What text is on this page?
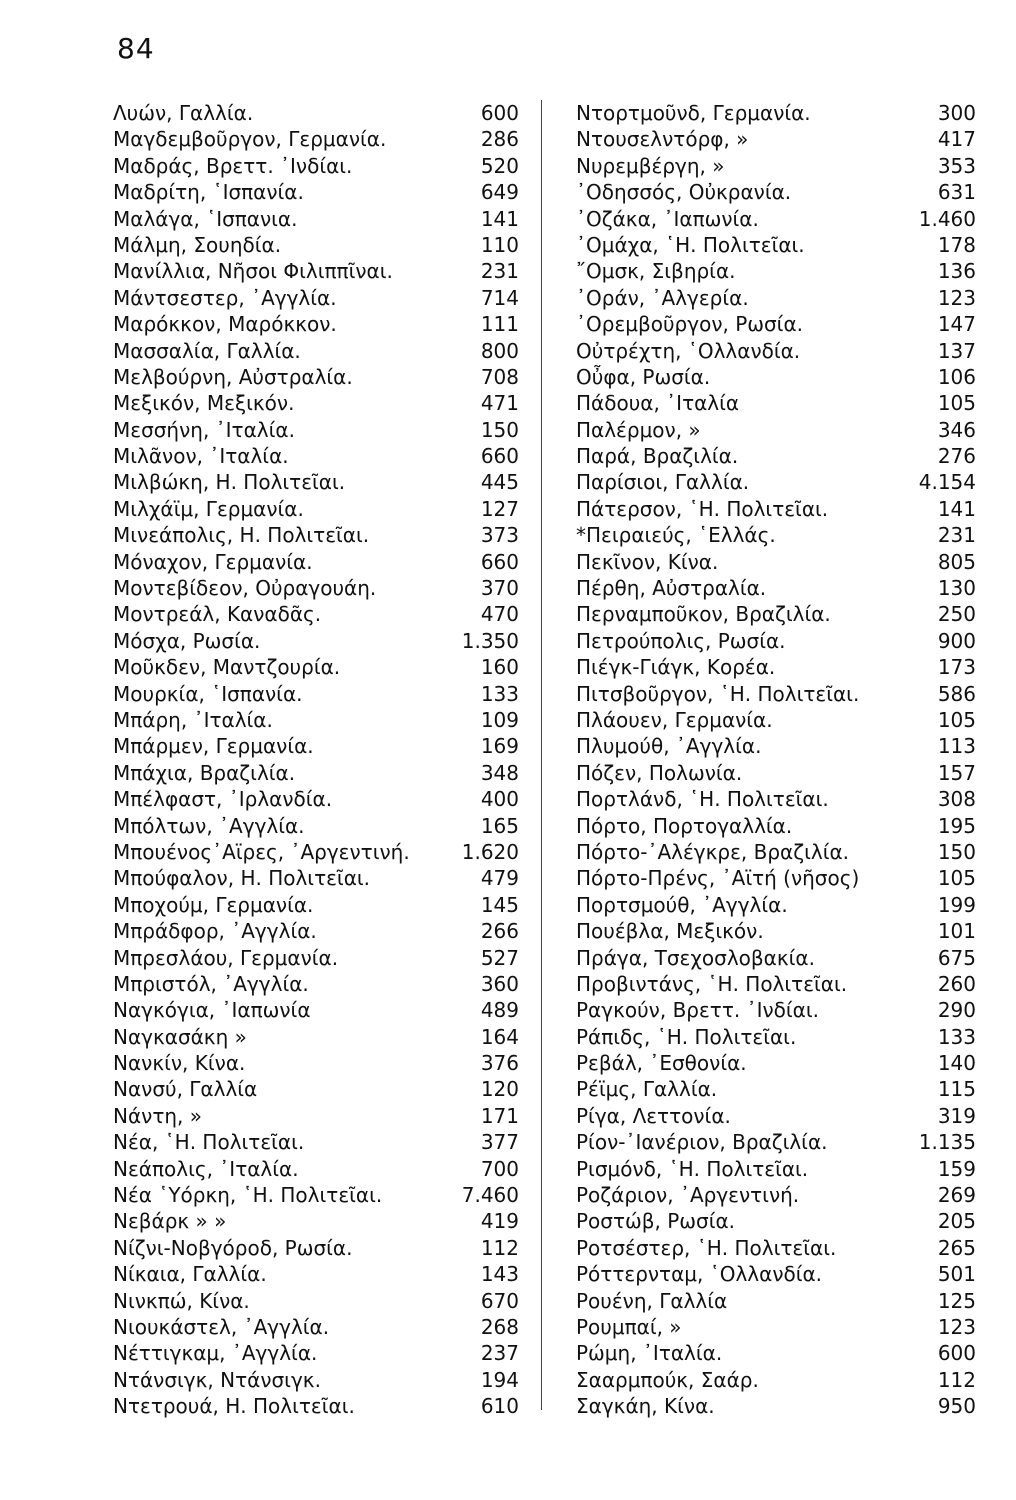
84
Λυών, Γαλλία.	600
Μαγδεμβοῦργον, Γερμανία.	286
Μαδράς, Βρεττ. ᾽Ινδίαι.	520
Μαδρίτη, ῾Ισπανία.	649
Μαλάγα, ῾Ισπανια.	141
Μάλμη, Σουηδία.	110
Μανίλλια, Νῆσοι Φιλιππῖναι.	231
Μάντσεστερ, ᾽Αγγλία.	714
Μαρόκκον, Μαρόκκον.	111
Μασσαλία, Γαλλία.	800
Μελβούρνη, Αὐστραλία.	708
Μεξικόν, Μεξικόν.	471
Μεσσήνη, ᾽Ιταλία.	150
Μιλᾶνον, ᾽Ιταλία.	660
Μιλβώκη, Η. Πολιτεῖαι.	445
Μιλχάϊμ, Γερμανία.	127
Μινεάπολις, Η. Πολιτεῖαι.	373
Μόναχον, Γερμανία.	660
Μοντεβίδεον, Οὐραγουάη.	370
Μοντρεάλ, Καναδᾶς.	470
Μόσχα, Ρωσία.	1.350
Μοῦκδεν, Μαντζουρία.	160
Μουρκία, ῾Ισπανία.	133
Μπάρη, ᾽Ιταλία.	109
Μπάρμεν, Γερμανία.	169
Μπάχια, Βραζιλία.	348
Μπέλφαστ, ᾽Ιρλανδία.	400
Μπόλτων, ᾽Αγγλία.	165
Μπουένος᾽Αϊρες, ᾽Αργεντινή.	1.620
Μπούφαλον, Η. Πολιτεῖαι.	479
Μποχούμ, Γερμανία.	145
Μπράδφορ, ᾽Αγγλία.	266
Μπρεσλάου, Γερμανία.	527
Μπριστόλ, ᾽Αγγλία.	360
Ναγκόγια, ᾽Ιαπωνία	489
Ναγκασάκη »	164
Νανκίν, Κίνα.	376
Νανσύ, Γαλλία	120
Νάντη, »	171
Νέα, ῾Η. Πολιτεῖαι.	377
Νεάπολις, ᾽Ιταλία.	700
Νέα ῾Υόρκη, ῾Η. Πολιτεῖαι.	7.460
Νεβάρκ » »	419
Νίζνι-Νοβγόροδ, Ρωσία.	112
Νίκαια, Γαλλία.	143
Νινκπώ, Κίνα.	670
Νιουκάστελ, ᾽Αγγλία.	268
Νέττιγκαμ, ᾽Αγγλία.	237
Ντάνσιγκ, Ντάνσιγκ.	194
Ντετρουά, Η. Πολιτεῖαι.	610
Ντορτμοῦνδ, Γερμανία.	300
Ντουσελντόρφ, »	417
Νυρεμβέργη, »	353
᾽Οδησσός, Οὐκρανία.	631
᾽Οζάκα, ᾽Ιαπωνία.	1.460
᾽Ομάχα, ῾Η. Πολιτεῖαι.	178
῎Ομσκ, Σιβηρία.	136
᾽Οράν, ᾽Αλγερία.	123
᾽Ορεμβοῦργον, Ρωσία.	147
Οὐτρέχτη, ῾Ολλανδία.	137
Οὖφα, Ρωσία.	106
Πάδουα, ᾽Ιταλία	105
Παλέρμον, »	346
Παρά, Βραζιλία.	276
Παρίσιοι, Γαλλία.	4.154
Πάτερσον, ῾Η. Πολιτεῖαι.	141
*Πειραιεύς, ῾Ελλάς.	231
Πεκῖνον, Κίνα.	805
Πέρθη, Αὐστραλία.	130
Περναμποῦκον, Βραζιλία.	250
Πετρούπολις, Ρωσία.	900
Πιέγκ-Γιάγκ, Κορέα.	173
Πιτσβοῦργον, ῾Η. Πολιτεῖαι.	586
Πλάουεν, Γερμανία.	105
Πλυμούθ, ᾽Αγγλία.	113
Πόζεν, Πολωνία.	157
Πορτλάνδ, ῾Η. Πολιτεῖαι.	308
Πόρτο, Πορτογαλλία.	195
Πόρτο-᾽Αλέγκρε, Βραζιλία.	150
Πόρτο-Πρένς, ᾽Αϊτή (νῆσος)	105
Πορτσμούθ, ᾽Αγγλία.	199
Πουέβλα, Μεξικόν.	101
Πράγα, Τσεχοσλοβακία.	675
Προβιντάνς, ῾Η. Πολιτεῖαι.	260
Ραγκούν, Βρεττ. ᾽Ινδίαι.	290
Ράπιδς, ῾Η. Πολιτεῖαι.	133
Ρεβάλ, ᾽Εσθονία.	140
Ρέϊμς, Γαλλία.	115
Ρίγα, Λεττονία.	319
Ρίον-᾽Ιανέριον, Βραζιλία.	1.135
Ρισμόνδ, ῾Η. Πολιτεῖαι.	159
Ροζάριον, ᾽Αργεντινή.	269
Ροστώβ, Ρωσία.	205
Ροτσέστερ, ῾Η. Πολιτεῖαι.	265
Ρόττερνταμ, ῾Ολλανδία.	501
Ρουένη, Γαλλία	125
Ρουμπαί, »	123
Ρώμη, ᾽Ιταλία.	600
Σααρμπούκ, Σαάρ.	112
Σαγκάη, Κίνα.	950
